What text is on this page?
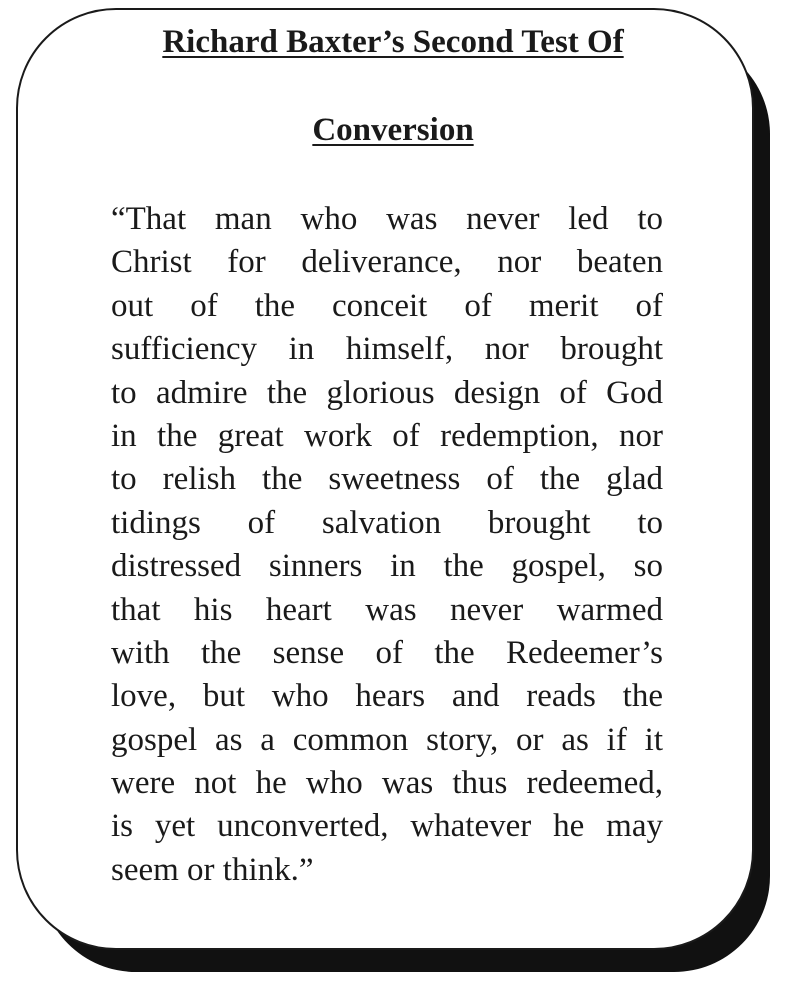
Richard Baxter’s Second Test Of
Conversion
“That man who was never led to
Christ for deliverance, nor beaten
out of the conceit of merit of
sufficiency in himself, nor brought
to admire the glorious design of God
in the great work of redemption, nor
to relish the sweetness of the glad
tidings of salvation brought to
distressed sinners in the gospel, so
that his heart was never warmed
with the sense of the Redeemer’s
love, but who hears and reads the
gospel as a common story, or as if it
were not he who was thus redeemed,
is yet unconverted, whatever he may
seem or think.”
